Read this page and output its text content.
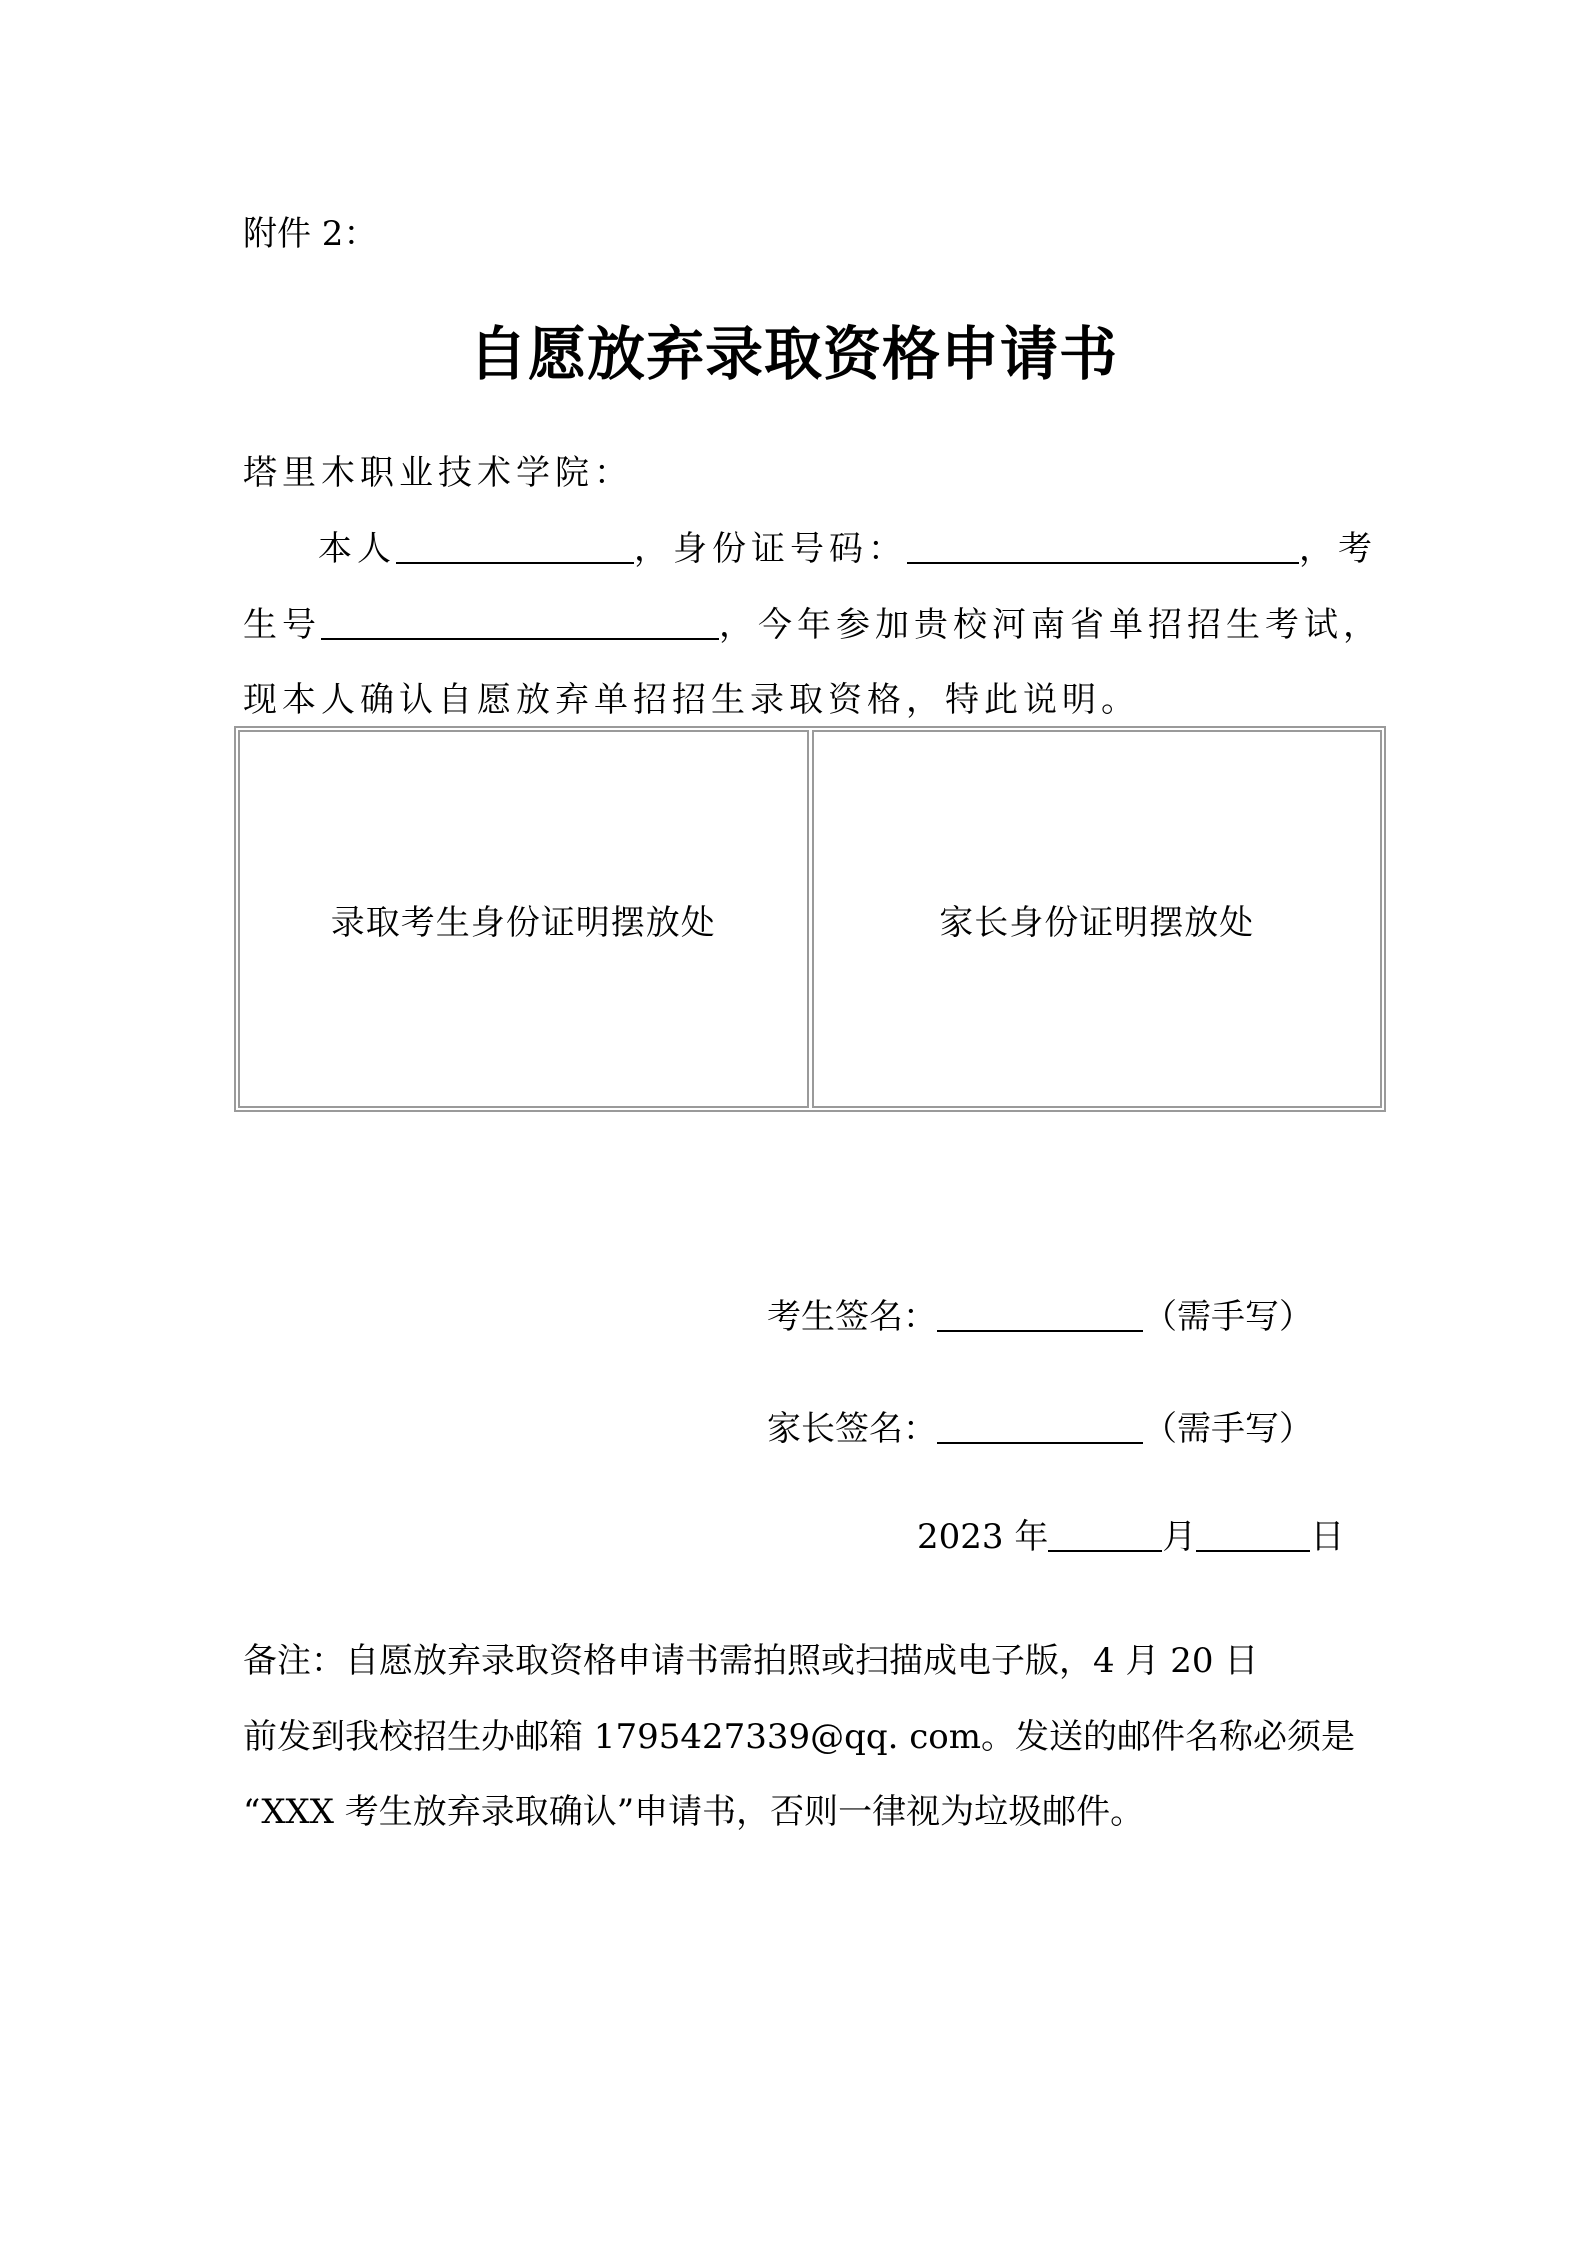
附件 2：
自愿放弃录取资格申请书
塔里木职业技术学院：
本人	，身份证号码：	，考
生号	，今年参加贵校河南省单招招生考试，
现本人确认自愿放弃单招招生录取资格，特此说明。
录取考生身份证明摆放处	家长身份证明摆放处
考生签名：	（需手写）
家长签名：	（需手写）
2023 年	月	日
备注：自愿放弃录取资格申请书需拍照或扫描成电子版，4 月 20 日
前发到我校招生办邮箱 1795427339@qq. com。发送的邮件名称必须是
“XXX 考生放弃录取确认”申请书，否则一律视为垃圾邮件。
